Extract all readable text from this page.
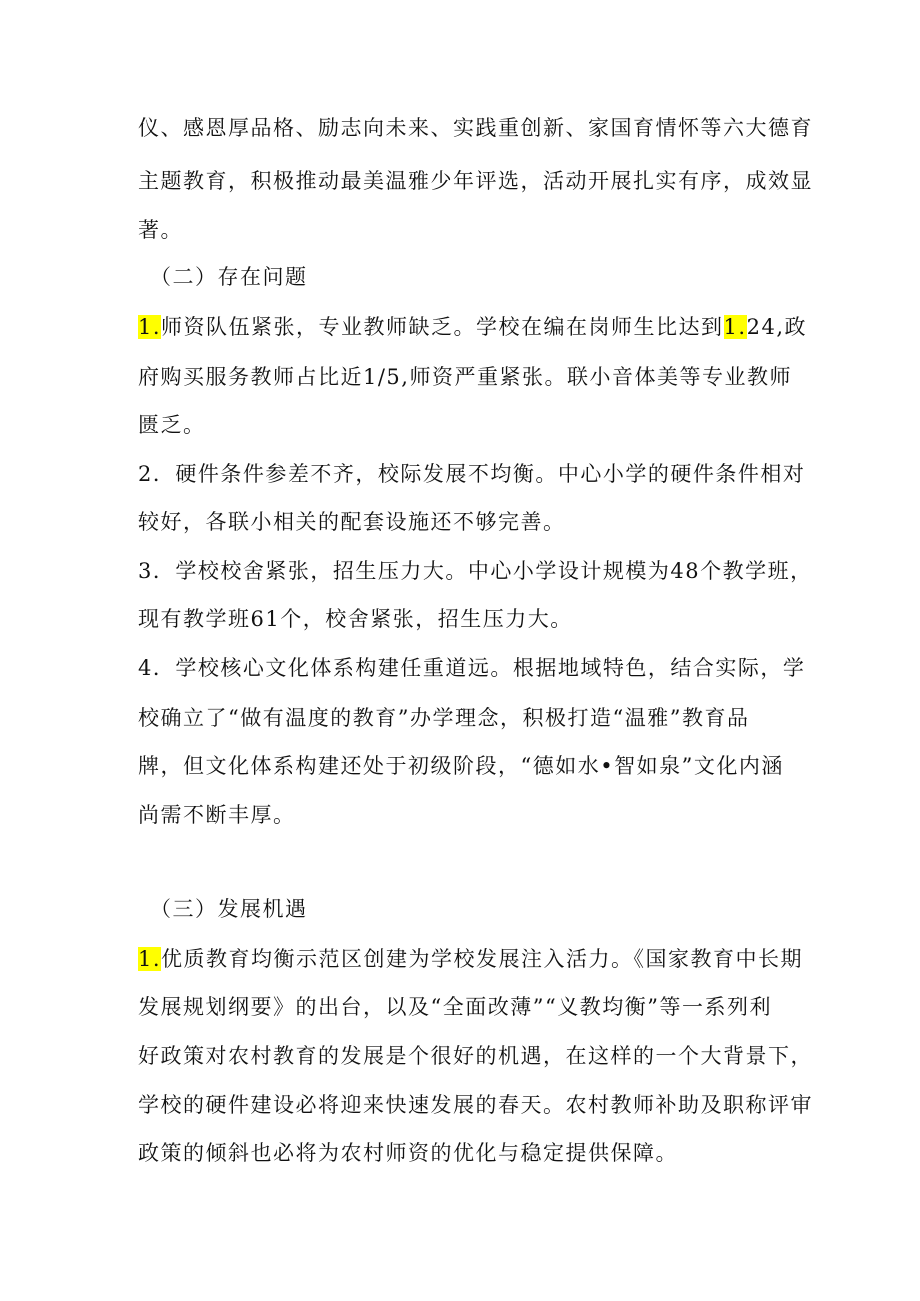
仪、感恩厚品格、励志向未来、实践重创新、家国育情怀等六大德育
主题教育，积极推动最美温雅少年评选，活动开展扎实有序，成效显
著。
（二）存在问题
1.师资队伍紧张，专业教师缺乏。学校在编在岗师生比达到1.24,政
府购买服务教师占比近1/5,师资严重紧张。联小音体美等专业教师
匮乏。
2．硬件条件参差不齐，校际发展不均衡。中心小学的硬件条件相对
较好，各联小相关的配套设施还不够完善。
3．学校校舍紧张，招生压力大。中心小学设计规模为48个教学班，
现有教学班61个，校舍紧张，招生压力大。
4．学校核心文化体系构建任重道远。根据地域特色，结合实际，学
校确立了“做有温度的教育”办学理念，积极打造“温雅”教育品
牌，但文化体系构建还处于初级阶段，“德如水•智如泉”文化内涵
尚需不断丰厚。
（三）发展机遇
1.优质教育均衡示范区创建为学校发展注入活力。《国家教育中长期
发展规划纲要》的出台，以及“全面改薄”“义教均衡”等一系列利
好政策对农村教育的发展是个很好的机遇，在这样的一个大背景下，
学校的硬件建设必将迎来快速发展的春天。农村教师补助及职称评审
政策的倾斜也必将为农村师资的优化与稳定提供保障。
